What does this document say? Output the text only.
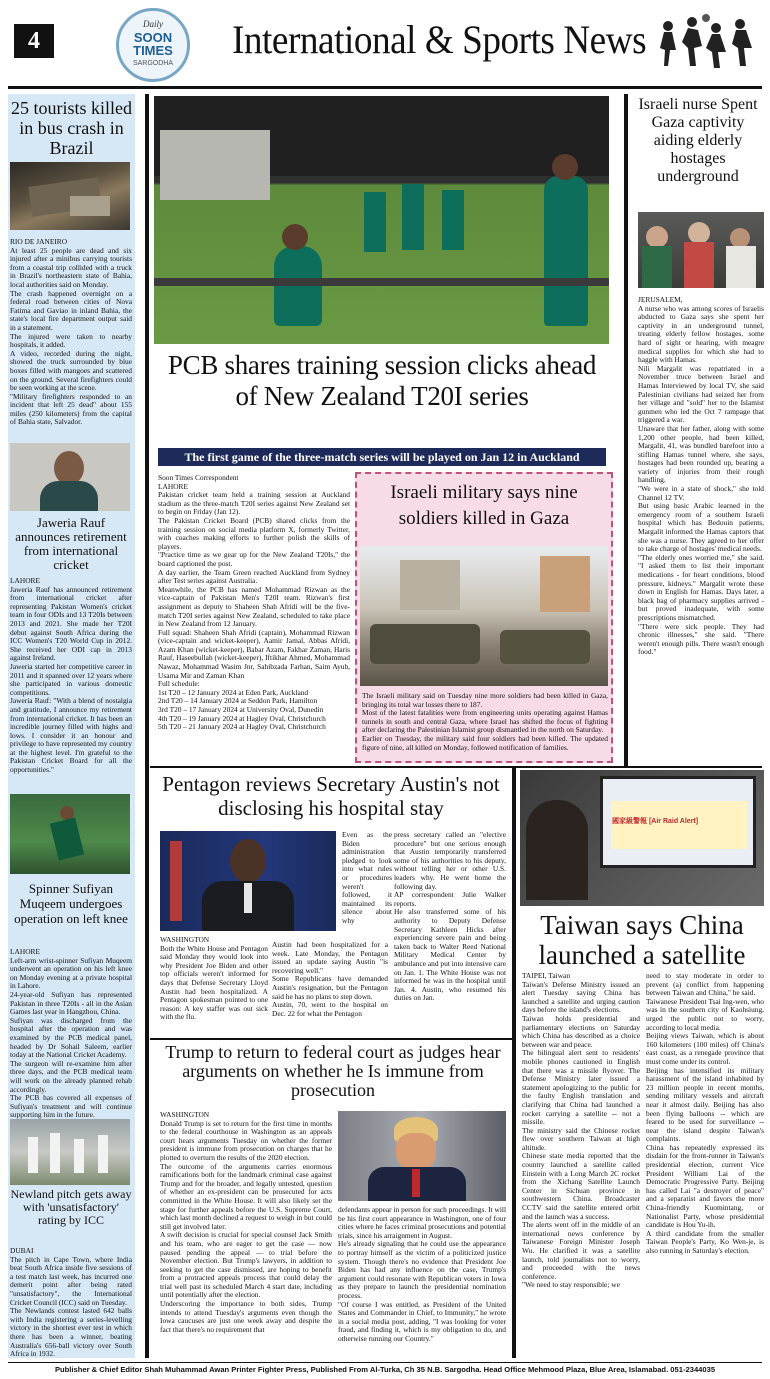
4
Daily
SOON TIMES
SARGODHA
International & Sports News
25 tourists killed in bus crash in Brazil

RIO DE JANEIRO

At least 25 people are dead and six injured after a minibus carrying tourists from a coastal trip collided with a truck in Brazil's northeastern state of Bahia, local authorities said on Monday.

The crash happened overnight on a federal road between cities of Nova Fatima and Gaviao in inland Bahia, the state's local fire department output said in a statement.

The injured were taken to nearby hospitals, it added.

A video, recorded during the night, showed the truck surrounded by blue boxes filled with mangoes and scattered on the ground. Several firefighters could be seen working at the scene.

"Military firefighters responded to an incident that left 25 dead" about 155 miles (250 kilometers) from the capital of Bahia state, Salvador.

Jaweria Rauf announces retirement from international cricket

LAHORE

Jaweria Rauf has announced retirement from international cricket after representing Pakistan Women's cricket team in four ODIs and 13 T20Is between 2013 and 2021. She made her T20I debut against South Africa during the ICC Women's T20 World Cup in 2012. She received her ODI cap in 2013 against Ireland.

Jaweria started her competitive career in 2011 and it spanned over 12 years where she participated in various domestic competitions.

Jaweria Rauf: "With a blend of nostalgia and gratitude, I announce my retirement from international cricket. It has been an incredible journey filled with highs and lows. I consider it an honour and privilege to have represented my country at the highest level. I'm grateful to the Pakistan Cricket Board for all the opportunities."

Spinner Sufiyan Muqeem undergoes operation on left knee

LAHORE

Left-arm wrist-spinner Sufiyan Muqeem underwent an operation on his left knee on Monday evening at a private hospital in Lahore.

24-year-old Sufiyan has represented Pakistan in three T20Is - all in the Asian Games last year in Hangzhou, China.

Sufiyan was discharged from the hospital after the operation and was examined by the PCB medical panel, headed by Dr Sohail Saleem, earlier today at the National Cricket Academy.

The surgeon will re-examine him after three days, and the PCB medical team will work on the already planned rehab accordingly.

The PCB has covered all expenses of Sufiyan's treatment and will continue supporting him in the future.

Newland pitch gets away with 'unsatisfactory' rating by ICC

DUBAI

The pitch in Cape Town, where India beat South Africa inside five sessions of a test match last week, has incurred one demerit point after being rated "unsatisfactory", the International Cricket Council (ICC) said on Tuesday.

The Newlands contest lasted 642 balls with India registering a series-levelling victory in the shortest ever test in which there has been a winner, beating Australia's 656-ball victory over South Africa in 1932.

PCB shares training session clicks ahead of New Zealand T20I series
The first game of the three-match series will be played on Jan 12 in Auckland

Soon Times Correspondent

LAHORE

Pakistan cricket team held a training session at Auckland stadium as the three-match T20I series against New Zealand set to begin on Friday (Jan 12).

The Pakistan Cricket Board (PCB) shared clicks from the training session on social media platform X, formerly Twitter, with coaches making efforts to further polish the skills of players.

"Practice time as we gear up for the New Zealand T20Is," the board captioned the post.

A day earlier, the Team Green reached Auckland from Sydney after Test series against Australia.

Meanwhile, the PCB has named Mohammad Rizwan as the vice-captain of Pakistan Men's T20I team. Rizwan's first assignment as deputy to Shaheen Shah Afridi will be the five-match T20I series against New Zealand, scheduled to take place in New Zealand from 12 January.

Full squad: Shaheen Shah Afridi (captain), Mohammad Rizwan (vice-captain and wicket-keeper), Aamir Jamal, Abbas Afridi, Azam Khan (wicket-keeper), Babar Azam, Fakhar Zaman, Haris Rauf, Haseebullah (wicket-keeper), Iftikhar Ahmed, Mohammad Nawaz, Mohammad Wasim Jnr, Sahibzada Farhan, Saim Ayub, Usama Mir and Zaman Khan

Full schedule:

1st T20 – 12 January 2024 at Eden Park, Auckland

2nd T20 – 14 January 2024 at Seddon Park, Hamilton

3rd T20 – 17 January 2024 at University Oval, Dunedin

4th T20 – 19 January 2024 at Hagley Oval, Christchurch

5th T20 – 21 January 2024 at Hagley Oval, Christchurch

Israeli military says nine soldiers killed in Gaza

The Israeli military said on Tuesday nine more soldiers had been killed in Gaza, bringing its total war losses there to 187.

Most of the latest fatalities were from engineering units operating against Hamas tunnels in south and central Gaza, where Israel has shifted the focus of fighting after declaring the Palestinian Islamist group dismantled in the north on Saturday.

Earlier on Tuesday, the military said four soldiers had been killed. The updated figure of nine, all killed on Monday, followed notification of families.

Israeli nurse Spent Gaza captivity aiding elderly hostages underground

JERUSALEM,

A nurse who was among scores of Israelis abducted to Gaza says she spent her captivity in an underground tunnel, treating elderly fellow hostages, some hard of sight or hearing, with meagre medical supplies for which she had to haggle with Hamas.

Nili Margalit was repatriated in a November truce between Israel and Hamas Interviewed by local TV, she said Palestinian civilians had seized her from her village and "sold" her to the Islamist gunmen who led the Oct 7 rampage that triggered a war.

Unaware that her father, along with some 1,200 other people, had been killed, Margalit, 41, was bundled barefoot into a stifling Hamas tunnel where, she says, hostages had been rounded up, bearing a variety of injuries from their rough handling.

"We were in a state of shock," she told Channel 12 TV.

But using basic Arabic learned in the emergency room of a southern Israeli hospital which has Bedouin patients, Margalit informed the Hamas captors that she was a nurse. They agreed to her offer to take charge of hostages' medical needs.

"The elderly ones worried me," she said. "I asked them to list their important medications - for heart conditions, blood pressure, kidneys." Margalit wrote these down in English for Hamas. Days later, a black bag of pharmacy supplies arrived - but proved inadequate, with some prescriptions mismatched.

"There were sick people. They had chronic illnesses," she said. "There weren't enough pills. There wasn't enough food."

Pentagon reviews Secretary Austin's not disclosing his hospital stay

Even as the Biden administration pledged to look into what rules or procedures weren't followed, it maintained its silence about why

WASHINGTON

Both the White House and Pentagon said Monday they would look into why President Joe Biden and other top officials weren't informed for days that Defense Secretary Lloyd Austin had been hospitalized. A Pentagon spokesman pointed to one reason: A key staffer was out sick with the flu.

Austin had been hospitalized for a week. Late Monday, the Pentagon issued an update saying Austin "is recovering well."

Some Republicans have demanded Austin's resignation, but the Pentagon said he has no plans to step down.

Austin, 70, went to the hospital on Dec. 22 for what the Pentagon

press secretary called an "elective procedure" but one serious enough that Austin temporarily transferred some of his authorities to his deputy, without telling her or other U.S. leaders why. He went home the following day.

AP correspondent Julie Walker reports.

He also transferred some of his authority to Deputy Defense Secretary Kathleen Hicks after experiencing severe pain and being taken back to Walter Reed National Military Medical Center by ambulance and put into intensive care on Jan. 1. The White House was not informed he was in the hospital until Jan. 4. Austin, who resumed his duties on Jan.

Trump to return to federal court as judges hear arguments on whether he Is immune from prosecution

WASHINGTON

Donald Trump is set to return for the first time in months to the federal courthouse in Washington as an appeals court hears arguments Tuesday on whether the former president is immune from prosecution on charges that he plotted to overturn the results of the 2020 election.

The outcome of the arguments carries enormous ramifications both for the landmark criminal case against Trump and for the broader, and legally untested, question of whether an ex-president can be prosecuted for acts committed in the White House. It will also likely set the stage for further appeals before the U.S. Supreme Court, which last month declined a request to weigh in but could still get involved later.

A swift decision is crucial for special counsel Jack Smith and his team, who are eager to get the case — now paused pending the appeal — to trial before the November election. But Trump's lawyers, in addition to seeking to get the case dismissed, are hoping to benefit from a protracted appeals process that could delay the trial well past its scheduled March 4 start date, including until potentially after the election.

Underscoring the importance to both sides, Trump intends to attend Tuesday's arguments even though the Iowa caucuses are just one week away and despite the fact that there's no requirement that

defendants appear in person for such proceedings. It will be his first court appearance in Washington, one of four cities where he faces criminal prosecutions and potential trials, since his arraignment in August.

He's already signaling that he could use the appearance to portray himself as the victim of a politicized justice system. Though there's no evidence that President Joe Biden has had any influence on the case, Trump's argument could resonate with Republican voters in Iowa as they prepare to launch the presidential nomination process.

"Of course I was entitled, as President of the United States and Commander in Chief, to Immunity," he wrote in a social media post, adding, "I was looking for voter fraud, and finding it, which is my obligation to do, and otherwise running our Country."

國家級警報 [Air Raid Alert]
Taiwan says China launched a satellite

TAIPEI, Taiwan

Taiwan's Defense Ministry issued an alert Tuesday saying China has launched a satellite and urging caution days before the island's elections.

Taiwan holds presidential and parliamentary elections on Saturday which China has described as a choice between war and peace.

The bilingual alert sent to residents' mobile phones cautioned in English that there was a missile flyover. The Defense Ministry later issued a statement apologizing to the public for the faulty English translation and clarifying that China had launched a rocket carrying a satellite -- not a missile.

The ministry said the Chinese rocket flew over southern Taiwan at high altitude.

Chinese state media reported that the country launched a satellite called Einstein with a Long March 2C rocket from the Xichang Satellite Launch Center in Sichuan province in southwestern China. Broadcaster CCTV said the satellite entered orbit and the launch was a success.

The alerts went off in the middle of an international news conference by Taiwanese Foreign Minister Joseph Wu. He clarified it was a satellite launch, told journalists not to worry, and proceeded with the news conference.

"We need to stay responsible; we

need to stay moderate in order to prevent (a) conflict from happening between Taiwan and China," he said.

Taiwanese President Tsai Ing-wen, who was in the southern city of Kaohsiung, urged the public not to worry, according to local media.

Beijing views Taiwan, which is about 160 kilometers (100 miles) off China's east coast, as a renegade province that must come under its control.

Beijing has intensified its military harassment of the island inhabited by 23 million people in recent months, sending military vessels and aircraft near it almost daily. Beijing has also been flying balloons -- which are feared to be used for surveillance -- near the island despite Taiwan's complaints.

China has repeatedly expressed its disdain for the front-runner in Taiwan's presidential election, current Vice President William Lai of the Democratic Progressive Party. Beijing has called Lai "a destroyer of peace" and a separatist and favors the more China-friendly Kuomintang, or Nationalist Party, whose presidential candidate is Hou Yu-ih.

A third candidate from the smaller Taiwan People's Party, Ko Wen-je, is also running in Saturday's election.

Publisher & Chief Editor Shah Muhammad Awan Printer Fighter Press, Published From Al-Turka, Ch 35 N.B. Sargodha. Head Office Mehmood Plaza, Blue Area, Islamabad. 051-2344035
